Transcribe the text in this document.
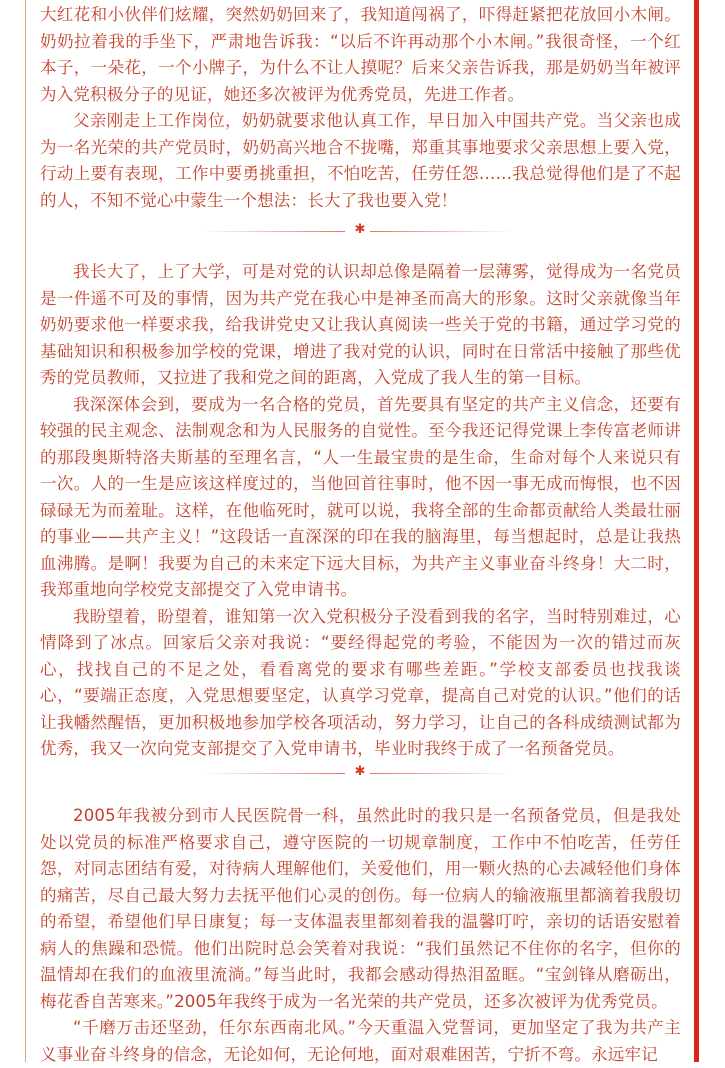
大红花和小伙伴们炫耀，突然奶奶回来了，我知道闯祸了，吓得赶紧把花放回小木闸。奶奶拉着我的手坐下，严肃地告诉我：“以后不许再动那个小木闸。”我很奇怪，一个红本子，一朵花，一个小牌子，为什么不让人摸呢？后来父亲告诉我，那是奶奶当年被评为入党积极分子的见证，她还多次被评为优秀党员，先进工作者。

父亲刚走上工作岗位，奶奶就要求他认真工作，早日加入中国共产党。当父亲也成为一名光荣的共产党员时，奶奶高兴地合不拢嘴，郑重其事地要求父亲思想上要入党，行动上要有表现，工作中要勇挑重担，不怕吃苦，任劳任怨……我总觉得他们是了不起的人，不知不觉心中蒙生一个想法：长大了我也要入党！

✱

我长大了，上了大学，可是对党的认识却总像是隔着一层薄雾，觉得成为一名党员是一件遥不可及的事情，因为共产党在我心中是神圣而高大的形象。这时父亲就像当年奶奶要求他一样要求我，给我讲党史又让我认真阅读一些关于党的书籍，通过学习党的基础知识和积极参加学校的党课，增进了我对党的认识，同时在日常活中接触了那些优秀的党员教师，又拉进了我和党之间的距离，入党成了我人生的第一目标。

我深深体会到，要成为一名合格的党员，首先要具有坚定的共产主义信念，还要有较强的民主观念、法制观念和为人民服务的自觉性。至今我还记得党课上李传富老师讲的那段奥斯特洛夫斯基的至理名言，“人一生最宝贵的是生命，生命对每个人来说只有一次。人的一生是应该这样度过的，当他回首往事时，他不因一事无成而悔恨，也不因碌碌无为而羞耻。这样，在他临死时，就可以说，我将全部的生命都贡献给人类最壮丽的事业——共产主义！”这段话一直深深的印在我的脑海里，每当想起时，总是让我热血沸腾。是啊！我要为自己的未来定下远大目标，为共产主义事业奋斗终身！大二时，我郑重地向学校党支部提交了入党申请书。

我盼望着，盼望着，谁知第一次入党积极分子没看到我的名字，当时特别难过，心情降到了冰点。回家后父亲对我说：“要经得起党的考验，不能因为一次的错过而灰心，找找自己的不足之处，看看离党的要求有哪些差距。”学校支部委员也找我谈心，“要端正态度，入党思想要坚定，认真学习党章，提高自己对党的认识。”他们的话让我幡然醒悟，更加积极地参加学校各项活动，努力学习，让自己的各科成绩测试都为优秀，我又一次向党支部提交了入党申请书，毕业时我终于成了一名预备党员。

✱

2005年我被分到市人民医院骨一科，虽然此时的我只是一名预备党员，但是我处处以党员的标准严格要求自己，遵守医院的一切规章制度，工作中不怕吃苦，任劳任怨，对同志团结有爱，对待病人理解他们，关爱他们，用一颗火热的心去减轻他们身体的痛苦，尽自己最大努力去抚平他们心灵的创伤。每一位病人的输液瓶里都滴着我殷切的希望，希望他们早日康复；每一支体温表里都刻着我的温馨叮咛，亲切的话语安慰着病人的焦躁和恐慌。他们出院时总会笑着对我说：“我们虽然记不住你的名字，但你的温情却在我们的血液里流淌。”每当此时，我都会感动得热泪盈眶。“宝剑锋从磨砺出，梅花香自苦寒来。”2005年我终于成为一名光荣的共产党员，还多次被评为优秀党员。

“千磨万击还坚劲，任尔东西南北风。”今天重温入党誓词，更加坚定了我为共产主义事业奋斗终身的信念，无论如何，无论何地，面对艰难困苦，宁折不弯。永远牢记
